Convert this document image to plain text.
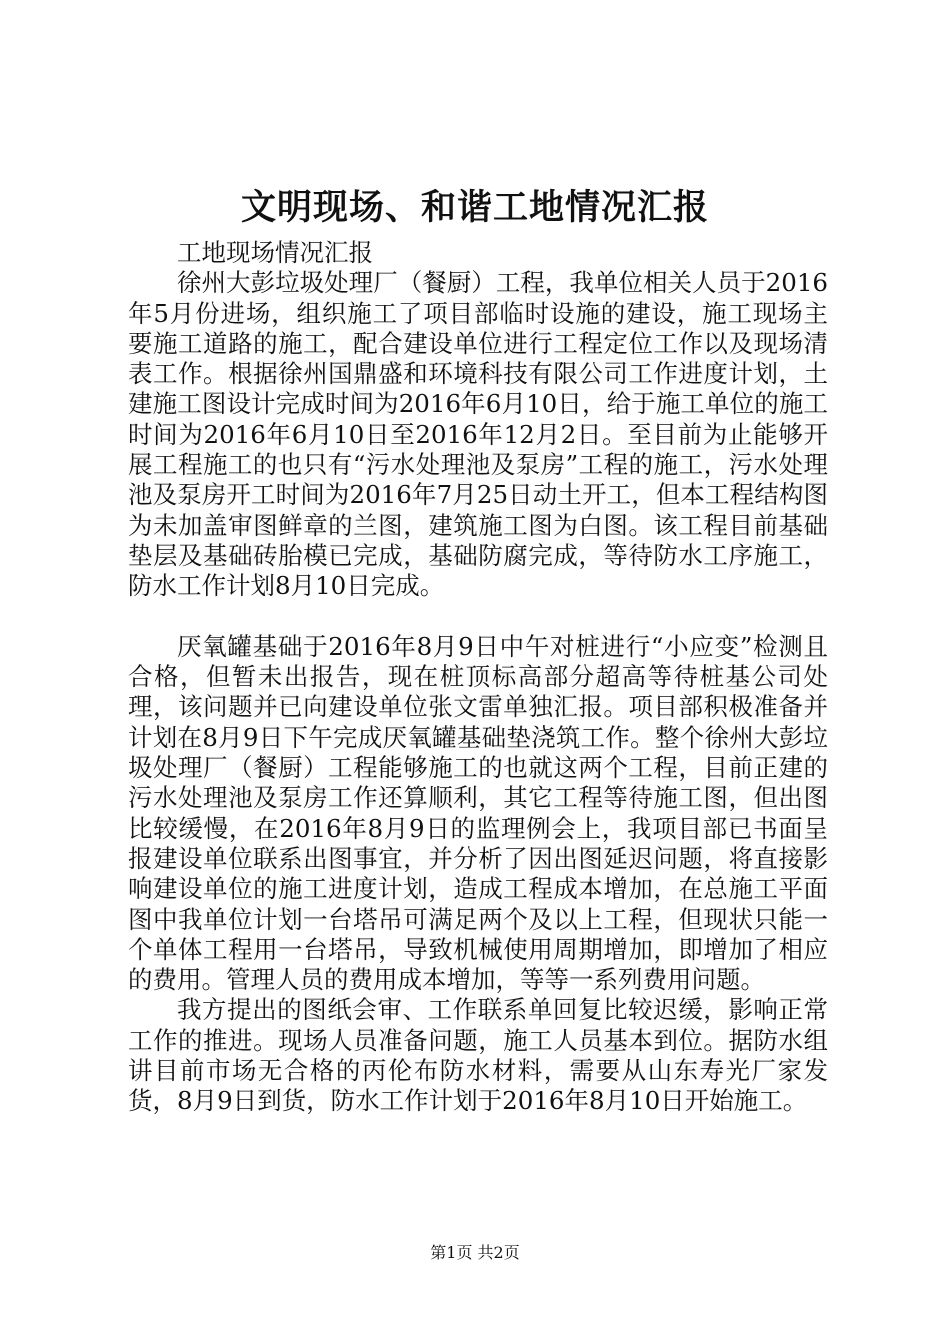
文明现场、和谐工地情况汇报

工地现场情况汇报

徐州大彭垃圾处理厂（餐厨）工程，我单位相关人员于2016年5月份进场，组织施工了项目部临时设施的建设，施工现场主要施工道路的施工，配合建设单位进行工程定位工作以及现场清表工作。根据徐州国鼎盛和环境科技有限公司工作进度计划，土建施工图设计完成时间为2016年6月10日，给于施工单位的施工时间为2016年6月10日至2016年12月2日。至目前为止能够开展工程施工的也只有“污水处理池及泵房”工程的施工，污水处理池及泵房开工时间为2016年7月25日动土开工，但本工程结构图为未加盖审图鲜章的兰图，建筑施工图为白图。该工程目前基础垫层及基础砖胎模已完成，基础防腐完成，等待防水工序施工，防水工作计划8月10日完成。

厌氧罐基础于2016年8月9日中午对桩进行“小应变”检测且合格，但暂未出报告，现在桩顶标高部分超高等待桩基公司处理，该问题并已向建设单位张文雷单独汇报。项目部积极准备并计划在8月9日下午完成厌氧罐基础垫浇筑工作。整个徐州大彭垃圾处理厂（餐厨）工程能够施工的也就这两个工程，目前正建的污水处理池及泵房工作还算顺利，其它工程等待施工图，但出图比较缓慢，在2016年8月9日的监理例会上，我项目部已书面呈报建设单位联系出图事宜，并分析了因出图延迟问题，将直接影响建设单位的施工进度计划，造成工程成本增加，在总施工平面图中我单位计划一台塔吊可满足两个及以上工程，但现状只能一个单体工程用一台塔吊，导致机械使用周期增加，即增加了相应的费用。管理人员的费用成本增加，等等一系列费用问题。

我方提出的图纸会审、工作联系单回复比较迟缓，影响正常工作的推进。现场人员准备问题，施工人员基本到位。据防水组讲目前市场无合格的丙伦布防水材料，需要从山东寿光厂家发货，8月9日到货，防水工作计划于2016年8月10日开始施工。

第1页 共2页
